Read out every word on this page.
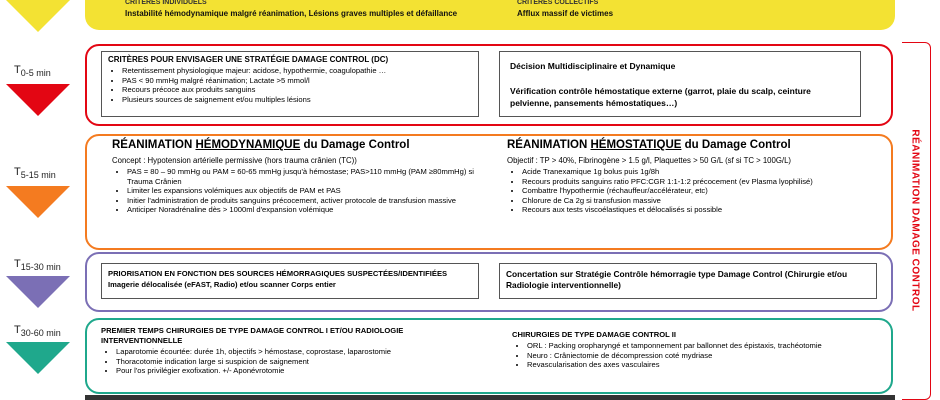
CRITERES INDIVIDUELS
Instabilité hémodynamique malgré réanimation, Lésions graves multiples et défaillance
CRITERES COLLECTIFS
Afflux massif de victimes
$T_{0-5 min}$
$T_{5-15 min}$
$T_{15-30 min}$
$T_{30-60 min}$
RÉANIMATION DAMAGE CONTROL
CRITÈRES POUR ENVISAGER UNE STRATÉGIE DAMAGE CONTROL (DC)
• Retentissement physiologique majeur: acidose, hypothermie, coagulopathie …
• PAS < 90 mmHg malgré réanimation; Lactate >5 mmol/l
• Recours précoce aux produits sanguins
• Plusieurs sources de saignement et/ou multiples lésions
Décision Multidisciplinaire et Dynamique
Vérification contrôle hémostatique externe (garrot, plaie du scalp, ceinture pelvienne, pansements hémostatiques…)
RÉANIMATION HÉMODYNAMIQUE du Damage Control
Concept : Hypotension artérielle permissive (hors trauma crânien (TC))
• PAS = 80 – 90 mmHg ou PAM = 60-65 mmHg jusqu'à hémostase; PAS>110 mmHg (PAM ≥80mmHg) si Trauma Crânien
• Limiter les expansions volémiques aux objectifs de PAM et PAS
• Initier l'administration de produits sanguins précocement, activer protocole de transfusion massive
• Anticiper Noradrénaline dès > 1000ml d'expansion volémique
RÉANIMATION HÉMOSTATIQUE du Damage Control
Objectif : TP > 40%, Fibrinogène > 1.5 g/l, Plaquettes > 50 G/L (sf si TC > 100G/L)
• Acide Tranexamique 1g bolus puis 1g/8h
• Recours produits sanguins ratio PFC:CGR 1:1-1:2 précocement (ev Plasma lyophilisé)
• Combattre l'hypothermie (réchauffeur/accélérateur, etc)
• Chlorure de Ca 2g si transfusion massive
• Recours aux tests viscoélastiques et délocalisés si possible
PRIORISATION EN FONCTION DES SOURCES HÉMORRAGIQUES SUSPECTÉES/IDENTIFIÉES
Imagerie délocalisée (eFAST, Radio) et/ou scanner Corps entier
Concertation sur Stratégie Contrôle hémorragie type Damage Control (Chirurgie et/ou Radiologie interventionnelle)
PREMIER TEMPS CHIRURGIES DE TYPE DAMAGE CONTROL I ET/OU RADIOLOGIE INTERVENTIONNELLE
• Laparotomie écourtée: durée 1h, objectifs > hémostase, coprostase, laparostomie
• Thoracotomie indication large si suspicion de saignement
• Pour l'os privilégier exofixation. +/- Aponévrotomie
CHIRURGIES DE TYPE DAMAGE CONTROL II
• ORL : Packing oropharyngé et tamponnement par ballonnet des épistaxis, trachéotomie
• Neuro : Crâniectomie de décompression coté mydriase
• Revascularisation des axes vasculaires
